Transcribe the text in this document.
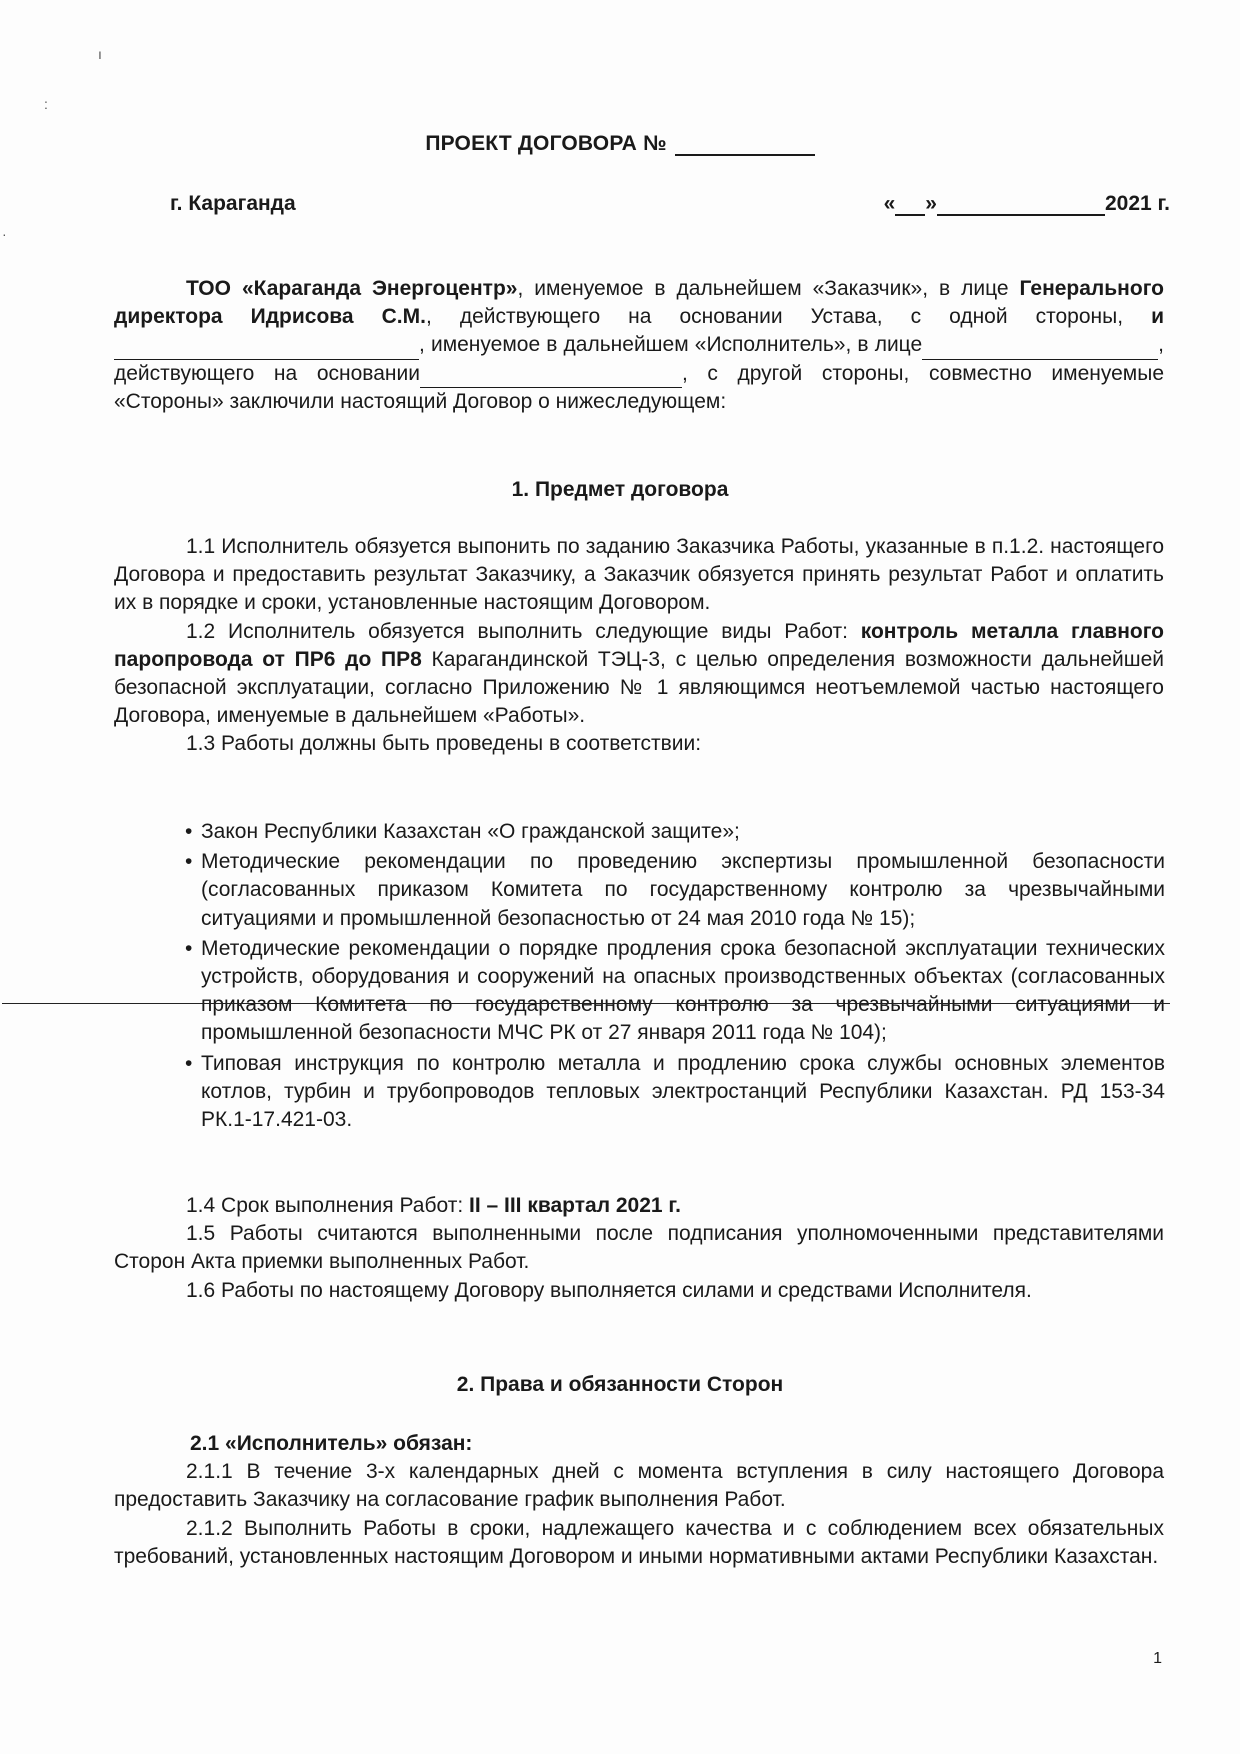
ı
:
·
ПРОЕКТ ДОГОВОРА №
г. Караганда	« »	2021 г.

ТОО «Караганда Энергоцентр», именуемое в дальнейшем «Заказчик», в лице Генерального директора Идрисова С.М., действующего на основании Устава, с одной стороны, и, именуемое в дальнейшем «Исполнитель», в лице	, действующего на основании	, с другой стороны, совместно именуемые «Стороны» заключили настоящий Договор о нижеследующем:

1. Предмет договора

1.1 Исполнитель обязуется выпонить по заданию Заказчика Работы, указанные в п.1.2. настоящего Договора и предоставить результат Заказчику, а Заказчик обязуется принять результат Работ и оплатить их в порядке и сроки, установленные настоящим Договором.

1.2 Исполнитель обязуется выполнить следующие виды Работ: контроль металла главного паропровода от ПР6 до ПР8 Карагандинской ТЭЦ-3, с целью определения возможности дальнейшей безопасной эксплуатации, согласно Приложению № 1 являющимся неотъемлемой частью настоящего Договора, именуемые в дальнейшем «Работы».

1.3 Работы должны быть проведены в соответствии:

• Закон Республики Казахстан «О гражданской защите»;
• Методические рекомендации по проведению экспертизы промышленной безопасности (согласованных приказом Комитета по государственному контролю за чрезвычайными ситуациями и промышленной безопасностью от 24 мая 2010 года № 15);
• Методические рекомендации о порядке продления срока безопасной эксплуатации технических устройств, оборудования и сооружений на опасных производственных объектах (согласованных приказом Комитета по государственному контролю за чрезвычайными ситуациями и промышленной безопасности МЧС РК от 27 января 2011 года № 104);
• Типовая инструкция по контролю металла и продлению срока службы основных элементов котлов, турбин и трубопроводов тепловых электростанций Республики Казахстан. РД 153-34 РК.1-17.421-03.

1.4 Срок выполнения Работ: II – III квартал 2021 г.

1.5 Работы считаются выполненными после подписания уполномоченными представителями Сторон Акта приемки выполненных Работ.

1.6 Работы по настоящему Договору выполняется силами и средствами Исполнителя.

2. Права и обязанности Сторон

2.1 «Исполнитель» обязан:

2.1.1 В течение 3-х календарных дней с момента вступления в силу настоящего Договора предоставить Заказчику на согласование график выполнения Работ.

2.1.2 Выполнить Работы в сроки, надлежащего качества и с соблюдением всех обязательных требований, установленных настоящим Договором и иными нормативными актами Республики Казахстан.

1
